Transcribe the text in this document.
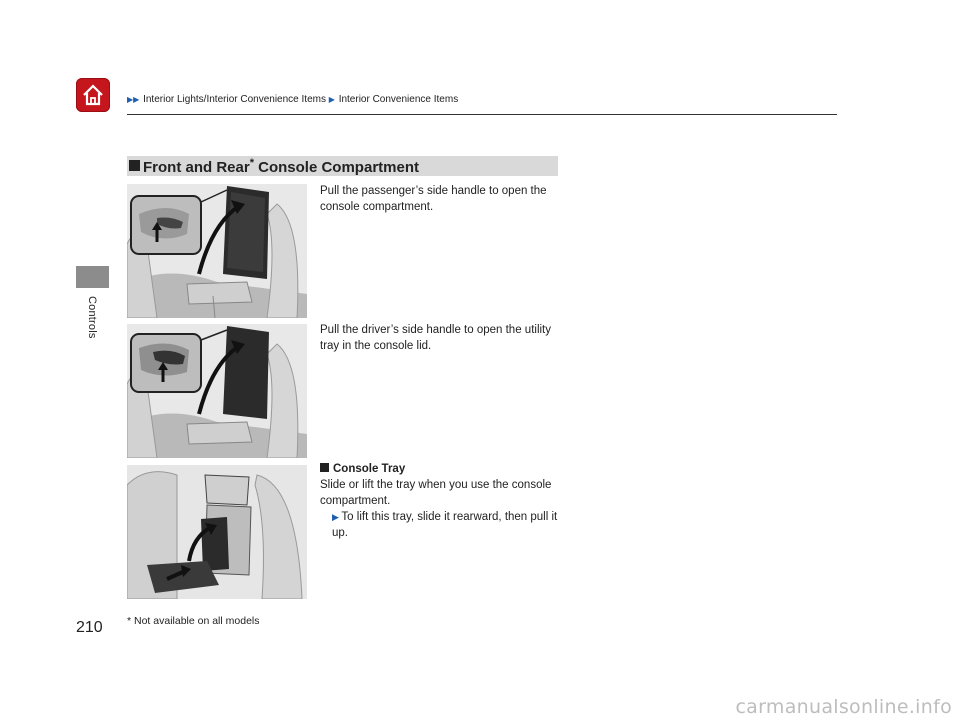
▶▶ Interior Lights/Interior Convenience Items ▶ Interior Convenience Items
Controls
Front and Rear* Console Compartment
Pull the passenger’s side handle to open the console compartment.
Pull the driver’s side handle to open the utility tray in the console lid.
Console Tray
Slide or lift the tray when you use the console compartment.
▶ To lift this tray, slide it rearward, then pull it up.
210 * Not available on all models
carmanualsonline.info
